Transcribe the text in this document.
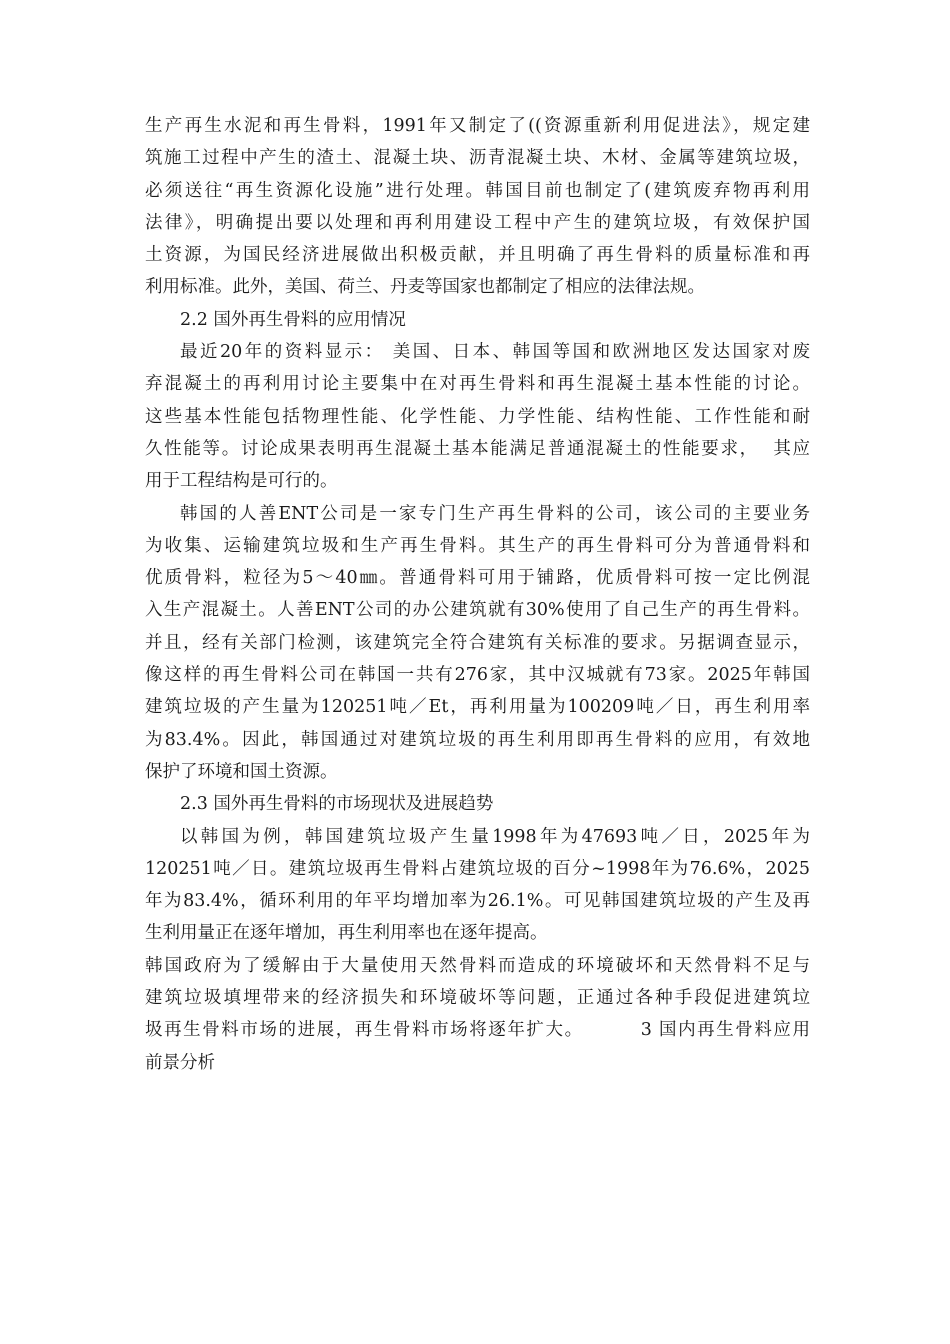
生产再生水泥和再生骨料，1991年又制定了((资源重新利用促进法》，规定建
筑施工过程中产生的渣土、混凝土块、沥青混凝土块、木材、金属等建筑垃圾，
必须送往“再生资源化设施”进行处理。韩国目前也制定了(建筑废弃物再利用
法律》，明确提出要以处理和再利用建设工程中产生的建筑垃圾，有效保护国
土资源，为国民经济进展做出积极贡献，并且明确了再生骨料的质量标准和再
利用标准。此外，美国、荷兰、丹麦等国家也都制定了相应的法律法规。
2.2 国外再生骨料的应用情况
最近20年的资料显示： 美国、日本、韩国等国和欧洲地区发达国家对废
弃混凝土的再利用讨论主要集中在对再生骨料和再生混凝土基本性能的讨论。
这些基本性能包括物理性能、化学性能、力学性能、结构性能、工作性能和耐
久性能等。讨论成果表明再生混凝土基本能满足普通混凝土的性能要求，  其应
用于工程结构是可行的。
韩国的人善ENT公司是一家专门生产再生骨料的公司，该公司的主要业务
为收集、运输建筑垃圾和生产再生骨料。其生产的再生骨料可分为普通骨料和
优质骨料，粒径为5～40㎜。普通骨料可用于铺路，优质骨料可按一定比例混
入生产混凝土。人善ENT公司的办公建筑就有30%使用了自己生产的再生骨料。
并且，经有关部门检测，该建筑完全符合建筑有关标准的要求。另据调查显示，
像这样的再生骨料公司在韩国一共有276家，其中汉城就有73家。2025年韩国
建筑垃圾的产生量为120251吨／Et，再利用量为100209吨／日，再生利用率
为83.4%。因此，韩国通过对建筑垃圾的再生利用即再生骨料的应用，有效地
保护了环境和国土资源。
2.3 国外再生骨料的市场现状及进展趋势
以韩国为例，韩国建筑垃圾产生量1998年为47693吨／日，2025年为
120251吨／日。建筑垃圾再生骨料占建筑垃圾的百分~1998年为76.6%，2025
年为83.4%，循环利用的年平均增加率为26.1%。可见韩国建筑垃圾的产生及再
生利用量正在逐年增加，再生利用率也在逐年提高。
韩国政府为了缓解由于大量使用天然骨料而造成的环境破坏和天然骨料不足与
建筑垃圾填埋带来的经济损失和环境破坏等问题，正通过各种手段促进建筑垃
圾再生骨料市场的进展，再生骨料市场将逐年扩大。        3 国内再生骨料应用
前景分析
